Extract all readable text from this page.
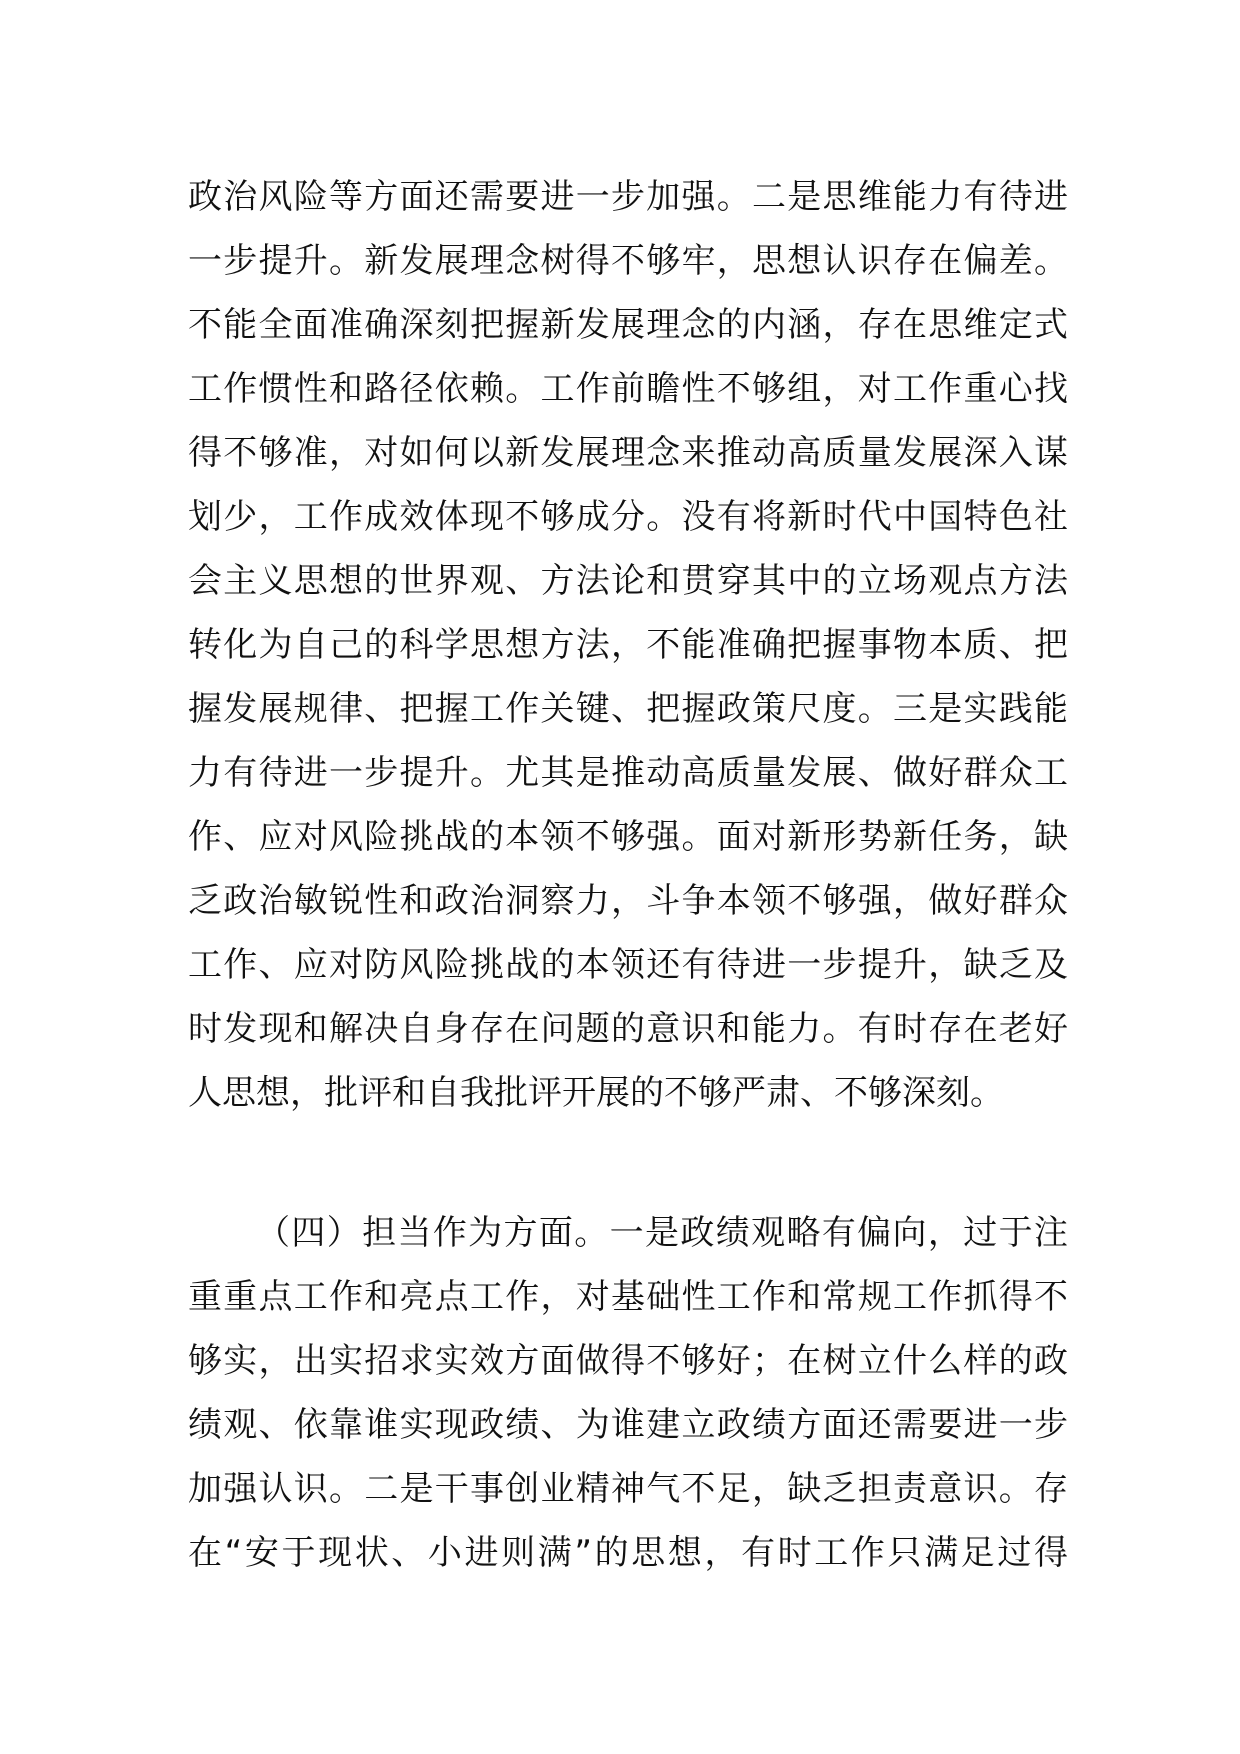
政治风险等方面还需要进一步加强。二是思维能力有待进
一步提升。新发展理念树得不够牢，思想认识存在偏差。
不能全面准确深刻把握新发展理念的内涵，存在思维定式
工作惯性和路径依赖。工作前瞻性不够组，对工作重心找
得不够准，对如何以新发展理念来推动高质量发展深入谋
划少，工作成效体现不够成分。没有将新时代中国特色社
会主义思想的世界观、方法论和贯穿其中的立场观点方法
转化为自己的科学思想方法，不能准确把握事物本质、把
握发展规律、把握工作关键、把握政策尺度。三是实践能
力有待进一步提升。尤其是推动高质量发展、做好群众工
作、应对风险挑战的本领不够强。面对新形势新任务，缺
乏政治敏锐性和政治洞察力，斗争本领不够强，做好群众
工作、应对防风险挑战的本领还有待进一步提升，缺乏及
时发现和解决自身存在问题的意识和能力。有时存在老好
人思想，批评和自我批评开展的不够严肃、不够深刻。
（四）担当作为方面。一是政绩观略有偏向，过于注
重重点工作和亮点工作，对基础性工作和常规工作抓得不
够实，出实招求实效方面做得不够好；在树立什么样的政
绩观、依靠谁实现政绩、为谁建立政绩方面还需要进一步
加强认识。二是干事创业精神气不足，缺乏担责意识。存
在“安于现状、小进则满”的思想，有时工作只满足过得
